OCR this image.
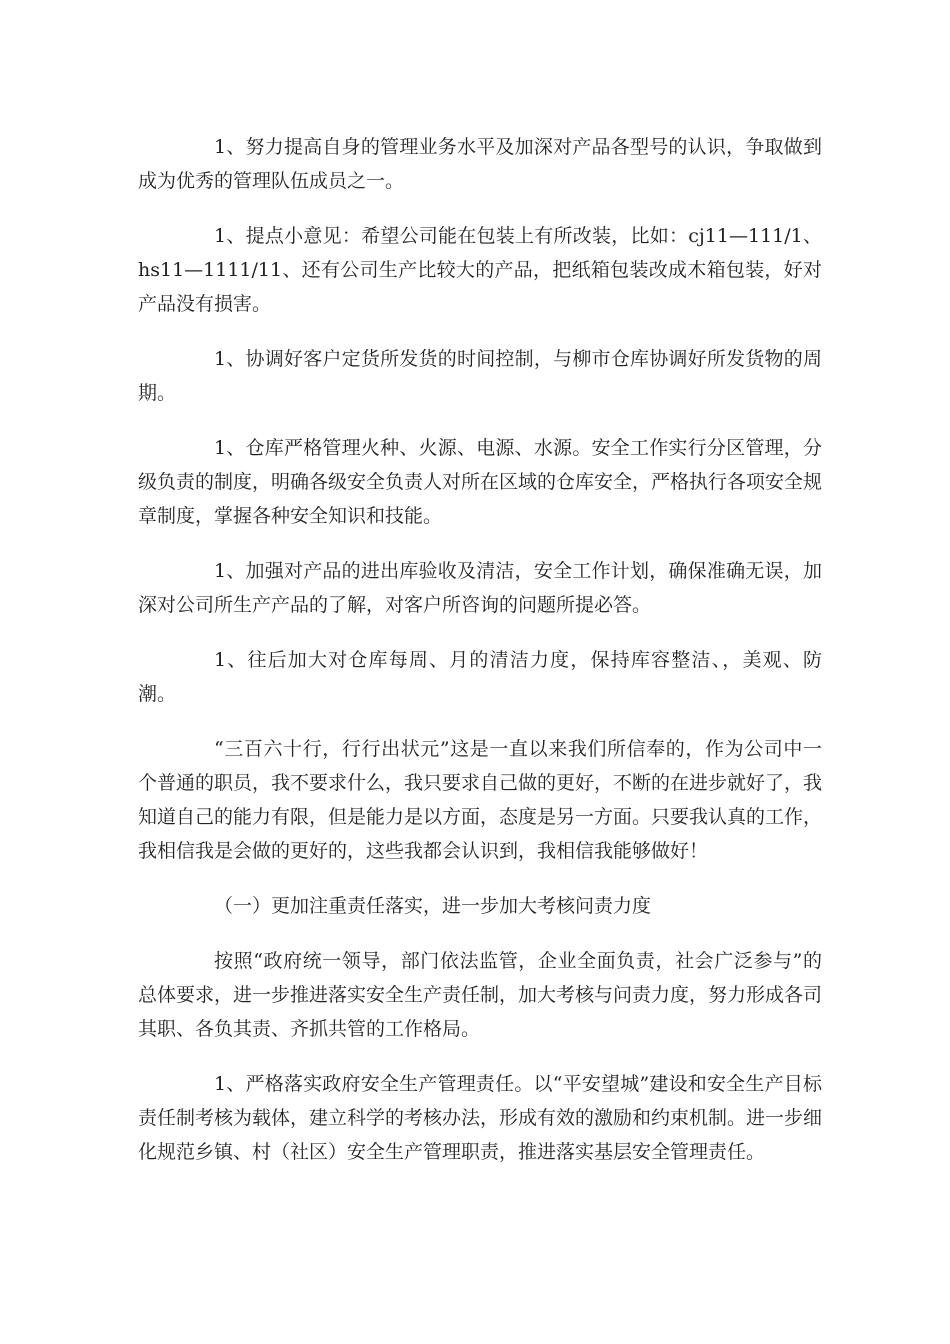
1、努力提高自身的管理业务水平及加深对产品各型号的认识，争取做到成为优秀的管理队伍成员之一。

1、提点小意见：希望公司能在包装上有所改装，比如：cj11—111/1、hs11—1111/11、还有公司生产比较大的产品，把纸箱包装改成木箱包装，好对产品没有损害。

1、协调好客户定货所发货的时间控制，与柳市仓库协调好所发货物的周期。

1、仓库严格管理火种、火源、电源、水源。安全工作实行分区管理，分级负责的制度，明确各级安全负责人对所在区域的仓库安全，严格执行各项安全规章制度，掌握各种安全知识和技能。

1、加强对产品的进出库验收及清洁，安全工作计划，确保准确无误，加深对公司所生产产品的了解，对客户所咨询的问题所提必答。

1、往后加大对仓库每周、月的清洁力度，保持库容整洁、，美观、防潮。

“三百六十行，行行出状元”这是一直以来我们所信奉的，作为公司中一个普通的职员，我不要求什么，我只要求自己做的更好，不断的在进步就好了，我知道自己的能力有限，但是能力是以方面，态度是另一方面。只要我认真的工作，我相信我是会做的更好的，这些我都会认识到，我相信我能够做好！

（一）更加注重责任落实，进一步加大考核问责力度

按照“政府统一领导，部门依法监管，企业全面负责，社会广泛参与”的总体要求，进一步推进落实安全生产责任制，加大考核与问责力度，努力形成各司其职、各负其责、齐抓共管的工作格局。

1、严格落实政府安全生产管理责任。以“平安望城”建设和安全生产目标责任制考核为载体，建立科学的考核办法，形成有效的激励和约束机制。进一步细化规范乡镇、村（社区）安全生产管理职责，推进落实基层安全管理责任。
